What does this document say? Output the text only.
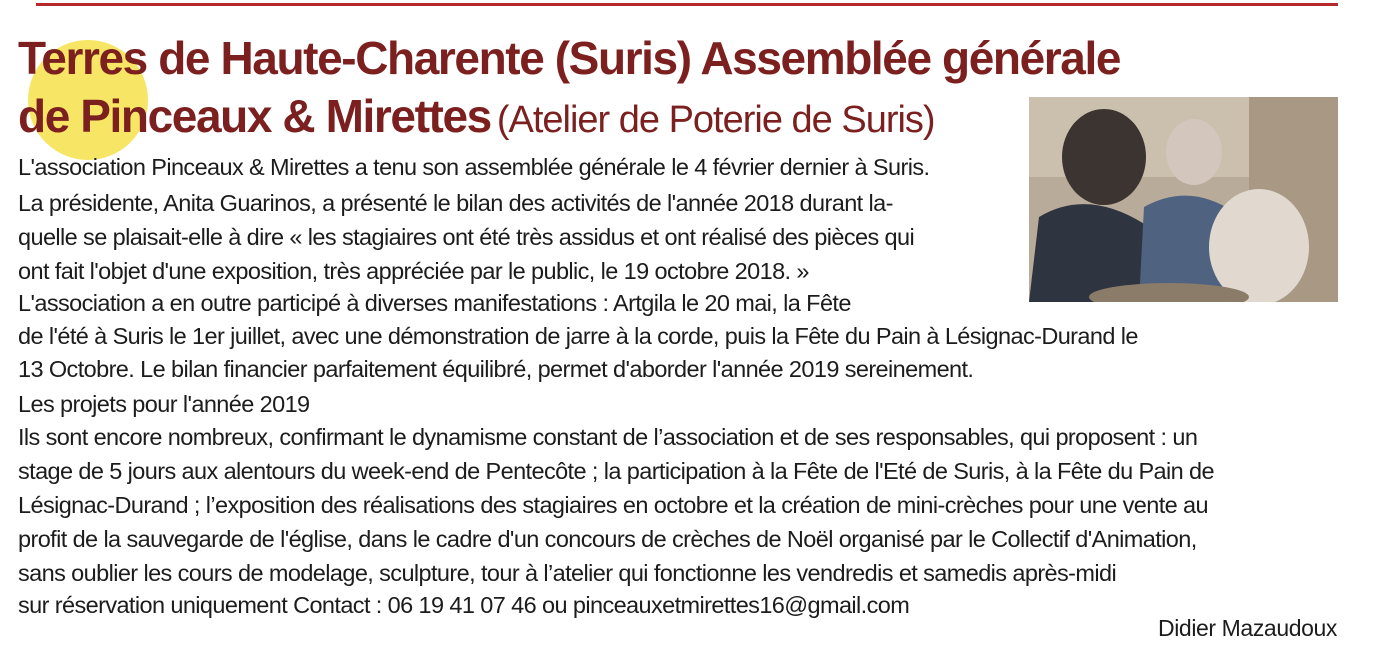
Terres de Haute-Charente (Suris) Assemblée générale
de Pinceaux & Mirettes (Atelier de Poterie de Suris)
L'association Pinceaux & Mirettes a tenu son assemblée générale le 4 février dernier à Suris.
La présidente, Anita Guarinos, a présenté le bilan des activités de l'année 2018 durant la-
quelle se plaisait-elle à dire « les stagiaires ont été très assidus et ont réalisé des pièces qui
ont fait l'objet d'une exposition, très appréciée par le public, le 19 octobre 2018. »
L'association a en outre participé à diverses manifestations : Artgila le 20 mai, la Fête
de l'été à Suris le 1er juillet, avec une démonstration de jarre à la corde, puis la Fête du Pain à Lésignac-Durand le
13 Octobre. Le bilan financier parfaitement équilibré, permet d'aborder l'année 2019 sereinement.
Les projets pour l'année 2019
Ils sont encore nombreux, confirmant le dynamisme constant de l’association et de ses responsables, qui proposent : un
stage de 5 jours aux alentours du week-end de Pentecôte ; la participation à la Fête de l'Eté de Suris, à la Fête du Pain de
Lésignac-Durand ; l’exposition des réalisations des stagiaires en octobre et la création de mini-crèches pour une vente au
profit de la sauvegarde de l'église, dans le cadre d'un concours de crèches de Noël organisé par le Collectif d'Animation,
sans oublier les cours de modelage, sculpture, tour à l’atelier qui fonctionne les vendredis et samedis après-midi
sur réservation uniquement Contact : 06 19 41 07 46 ou pinceauxetmirettes16@gmail.com
Didier Mazaudoux
